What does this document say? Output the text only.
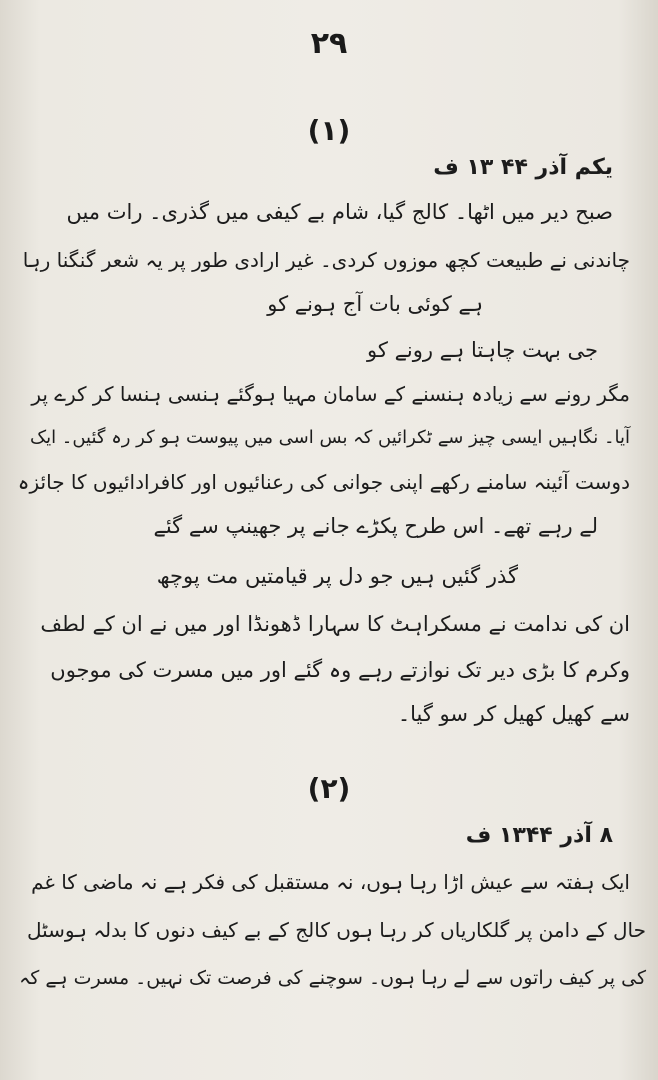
۲۹
(۱)
یکم آذر ۴۴ ۱۳ ف
صبح دیر میں اٹھا۔ کالج گیا، شام بے کیفی میں گذری۔ رات میں
چاندنی نے طبیعت کچھ موزوں کردی۔ غیر ارادی طور پر یہ شعر گنگنا رہا
ہے کوئی بات آج ہونے کو
جی بہت چاہتا ہے رونے کو
مگر رونے سے زیادہ ہنسنے کے سامان مہیا ہوگئے ہنسی ہنسا کر کرے پر
آیا۔ نگاہیں ایسی چیز سے ٹکرائیں کہ بس اسی میں پیوست ہو کر رہ گئیں۔ ایک
دوست آئینہ سامنے رکھے اپنی جوانی کی رعنائیوں اور کافرادائیوں کا جائزہ
لے رہے تھے۔ اس طرح پکڑے جانے پر جھینپ سے گئے
گذر گئیں ہیں جو دل پر قیامتیں مت پوچھ
ان کی ندامت نے مسکراہٹ کا سہارا ڈھونڈا اور میں نے ان کے لطف
وکرم کا بڑی دیر تک نوازتے رہے وہ گئے اور میں مسرت کی موجوں
سے کھیل کھیل کر سو گیا۔
(۲)
۸ آذر ۱۳۴۴ ف
ایک ہفتہ سے عیش اڑا رہا ہوں، نہ مستقبل کی فکر ہے نہ ماضی کا غم
حال کے دامن پر گلکاریاں کر رہا ہوں کالج کے بے کیف دنوں کا بدلہ ہوسٹل
کی پر کیف راتوں سے لے رہا ہوں۔ سوچنے کی فرصت تک نہیں۔ مسرت ہے کہ
